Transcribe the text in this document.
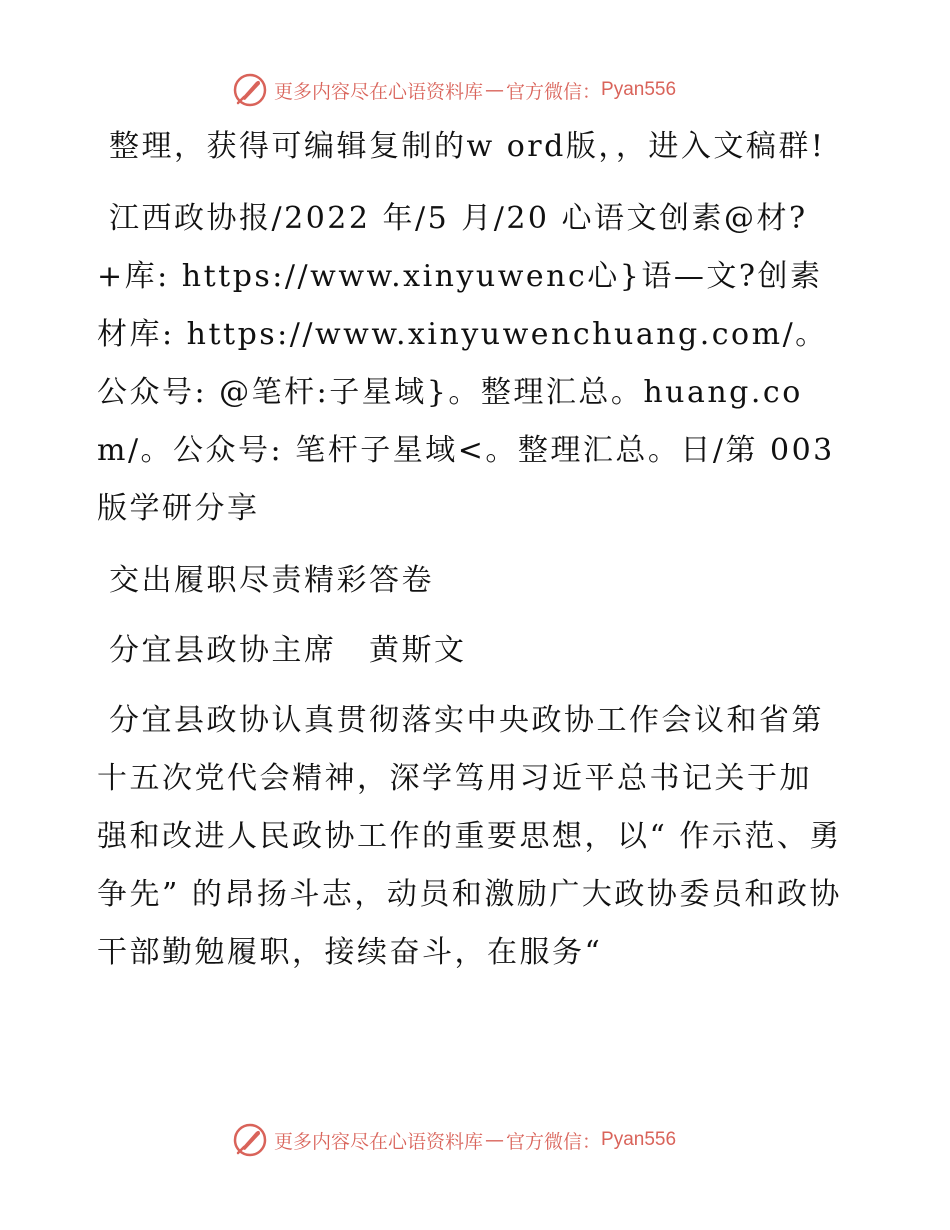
更多内容尽在心语资料库 — 官方微信： Pyan556

整理，获得可编辑复制的w ord版，，进入文稿群!

江西政协报/2022 年/5 月/20 心语文创素@材?+库: https://www.xinyuwenc心}语—文?创素材库: https://www.xinyuwenchuang.com/。公众号: @笔杆:子星域}。整理汇总。huang.com/。公众号: 笔杆子星域<。整理汇总。日/第 003 版学研分享

交出履职尽责精彩答卷

分宜县政协主席　黄斯文

分宜县政协认真贯彻落实中央政协工作会议和省第十五次党代会精神，深学笃用习近平总书记关于加强和改进人民政协工作的重要思想，以“ 作示范、勇争先” 的昂扬斗志，动员和激励广大政协委员和政协干部勤勉履职，接续奋斗，在服务“

更多内容尽在心语资料库 — 官方微信： Pyan556
